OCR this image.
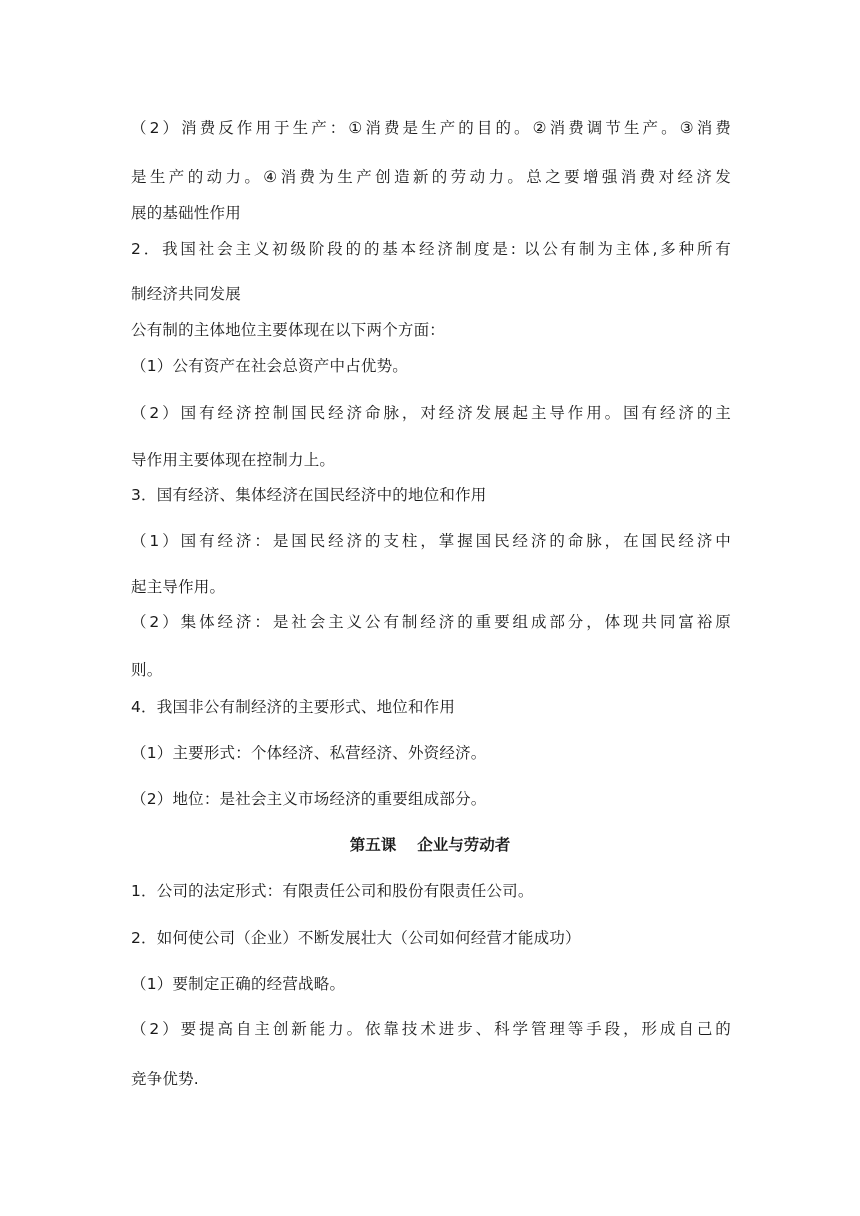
（2）消费反作用于生产：①消费是生产的目的。②消费调节生产。③消费
是生产的动力。④消费为生产创造新的劳动力。总之要增强消费对经济发
展的基础性作用
2．我国社会主义初级阶段的的基本经济制度是: 以公有制为主体,多种所有
制经济共同发展
公有制的主体地位主要体现在以下两个方面：
（1）公有资产在社会总资产中占优势。
（2）国有经济控制国民经济命脉，对经济发展起主导作用。国有经济的主
导作用主要体现在控制力上。
3．国有经济、集体经济在国民经济中的地位和作用
（1）国有经济：是国民经济的支柱，掌握国民经济的命脉，在国民经济中
起主导作用。
（2）集体经济：是社会主义公有制经济的重要组成部分，体现共同富裕原
则。
4．我国非公有制经济的主要形式、地位和作用
（1）主要形式：个体经济、私营经济、外资经济。
（2）地位：是社会主义市场经济的重要组成部分。
第五课　 企业与劳动者
1．公司的法定形式：有限责任公司和股份有限责任公司。
2．如何使公司（企业）不断发展壮大（公司如何经营才能成功）
（1）要制定正确的经营战略。
（2）要提高自主创新能力。依靠技术进步、科学管理等手段，形成自己的
竞争优势.
